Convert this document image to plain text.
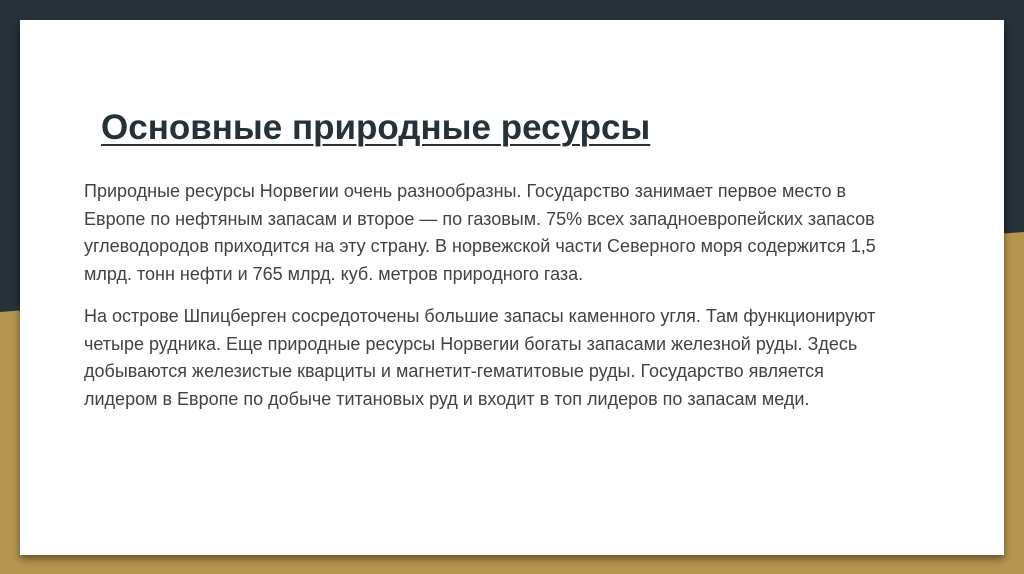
Основные природные ресурсы

Природные ресурсы Норвегии очень разнообразны. Государство занимает первое место в Европе по нефтяным запасам и второе — по газовым. 75% всех западноевропейских запасов углеводородов приходится на эту страну. В норвежской части Северного моря содержится 1,5 млрд. тонн нефти и 765 млрд. куб. метров природного газа.

На острове Шпицберген сосредоточены большие запасы каменного угля. Там функционируют четыре рудника. Еще природные ресурсы Норвегии богаты запасами железной руды. Здесь добываются железистые кварциты и магнетит-гематитовые руды. Государство является лидером в Европе по добыче титановых руд и входит в топ лидеров по запасам меди.
